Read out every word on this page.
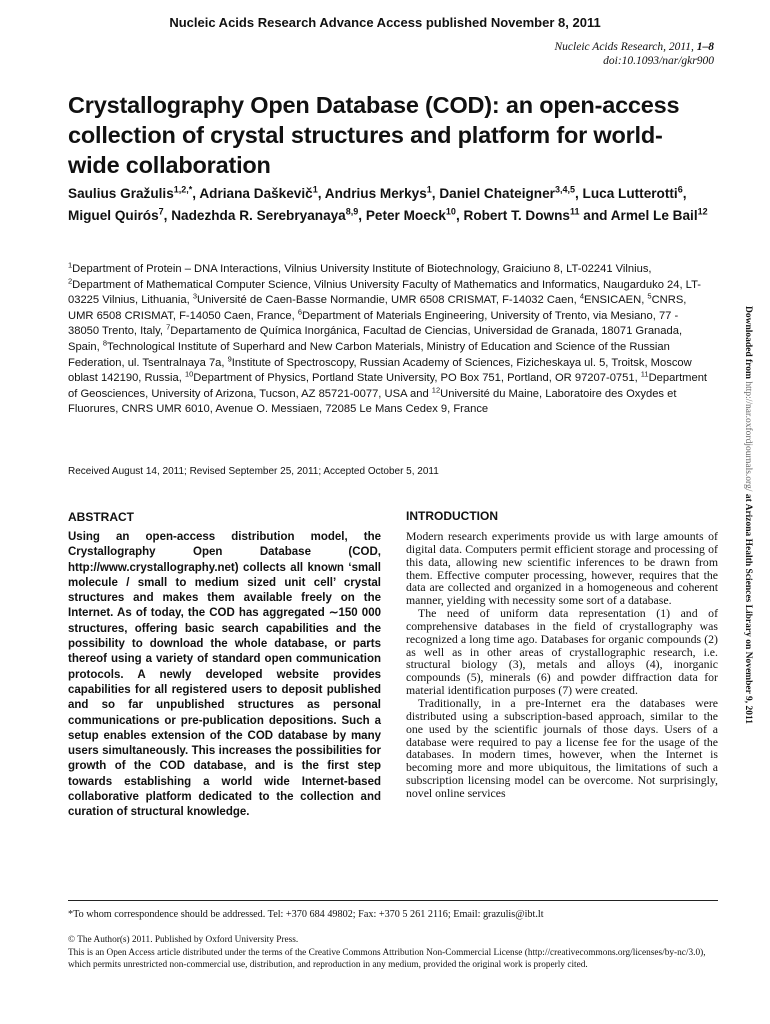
Nucleic Acids Research Advance Access published November 8, 2011
Nucleic Acids Research, 2011, 1–8
doi:10.1093/nar/gkr900
Crystallography Open Database (COD): an open-access collection of crystal structures and platform for world-wide collaboration
Saulius Gražulis$^{1,2,*}$, Adriana Daškevič$^1$, Andrius Merkys$^1$, Daniel Chateigner$^{3,4,5}$, Luca Lutterotti$^6$, Miguel Quirós$^7$, Nadezhda R. Serebryanaya$^{8,9}$, Peter Moeck$^{10}$, Robert T. Downs$^{11}$ and Armel Le Bail$^{12}$
$^1$Department of Protein – DNA Interactions, Vilnius University Institute of Biotechnology, Graiciuno 8, LT-02241 Vilnius, $^2$Department of Mathematical Computer Science, Vilnius University Faculty of Mathematics and Informatics, Naugarduko 24, LT-03225 Vilnius, Lithuania, $^3$Université de Caen-Basse Normandie, UMR 6508 CRISMAT, F-14032 Caen, $^4$ENSICAEN, $^5$CNRS, UMR 6508 CRISMAT, F-14050 Caen, France, $^6$Department of Materials Engineering, University of Trento, via Mesiano, 77 - 38050 Trento, Italy, $^7$Departamento de Química Inorgánica, Facultad de Ciencias, Universidad de Granada, 18071 Granada, Spain, $^8$Technological Institute of Superhard and New Carbon Materials, Ministry of Education and Science of the Russian Federation, ul. Tsentralnaya 7a, $^9$Institute of Spectroscopy, Russian Academy of Sciences, Fizicheskaya ul. 5, Troitsk, Moscow oblast 142190, Russia, $^{10}$Department of Physics, Portland State University, PO Box 751, Portland, OR 97207-0751, $^{11}$Department of Geosciences, University of Arizona, Tucson, AZ 85721-0077, USA and $^{12}$Université du Maine, Laboratoire des Oxydes et Fluorures, CNRS UMR 6010, Avenue O. Messiaen, 72085 Le Mans Cedex 9, France
Received August 14, 2011; Revised September 25, 2011; Accepted October 5, 2011
ABSTRACT
Using an open-access distribution model, the Crystallography Open Database (COD, http://www.crystallography.net) collects all known ‘small molecule / small to medium sized unit cell’ crystal structures and makes them available freely on the Internet. As of today, the COD has aggregated ∼150 000 structures, offering basic search capabilities and the possibility to download the whole database, or parts thereof using a variety of standard open communication protocols. A newly developed website provides capabilities for all registered users to deposit published and so far unpublished structures as personal communications or pre-publication depositions. Such a setup enables extension of the COD database by many users simultaneously. This increases the possibilities for growth of the COD database, and is the first step towards establishing a world wide Internet-based collaborative platform dedicated to the collection and curation of structural knowledge.
INTRODUCTION

Modern research experiments provide us with large amounts of digital data. Computers permit efficient storage and processing of this data, allowing new scientific inferences to be drawn from them. Effective computer processing, however, requires that the data are collected and organized in a homogeneous and coherent manner, yielding with necessity some sort of a database.

The need of uniform data representation (1) and of comprehensive databases in the field of crystallography was recognized a long time ago. Databases for organic compounds (2) as well as in other areas of crystallographic research, i.e. structural biology (3), metals and alloys (4), inorganic compounds (5), minerals (6) and powder diffraction data for material identification purposes (7) were created.

Traditionally, in a pre-Internet era the databases were distributed using a subscription-based approach, similar to the one used by the scientific journals of those days. Users of a database were required to pay a license fee for the usage of the databases. In modern times, however, when the Internet is becoming more and more ubiquitous, the limitations of such a subscription licensing model can be overcome. Not surprisingly, novel online services

*To whom correspondence should be addressed. Tel: +370 684 49802; Fax: +370 5 261 2116; Email: grazulis@ibt.lt
© The Author(s) 2011. Published by Oxford University Press.
This is an Open Access article distributed under the terms of the Creative Commons Attribution Non-Commercial License (http://creativecommons.org/licenses/by-nc/3.0), which permits unrestricted non-commercial use, distribution, and reproduction in any medium, provided the original work is properly cited.
Downloaded from http://nar.oxfordjournals.org/ at Arizona Health Sciences Library on November 9, 2011
